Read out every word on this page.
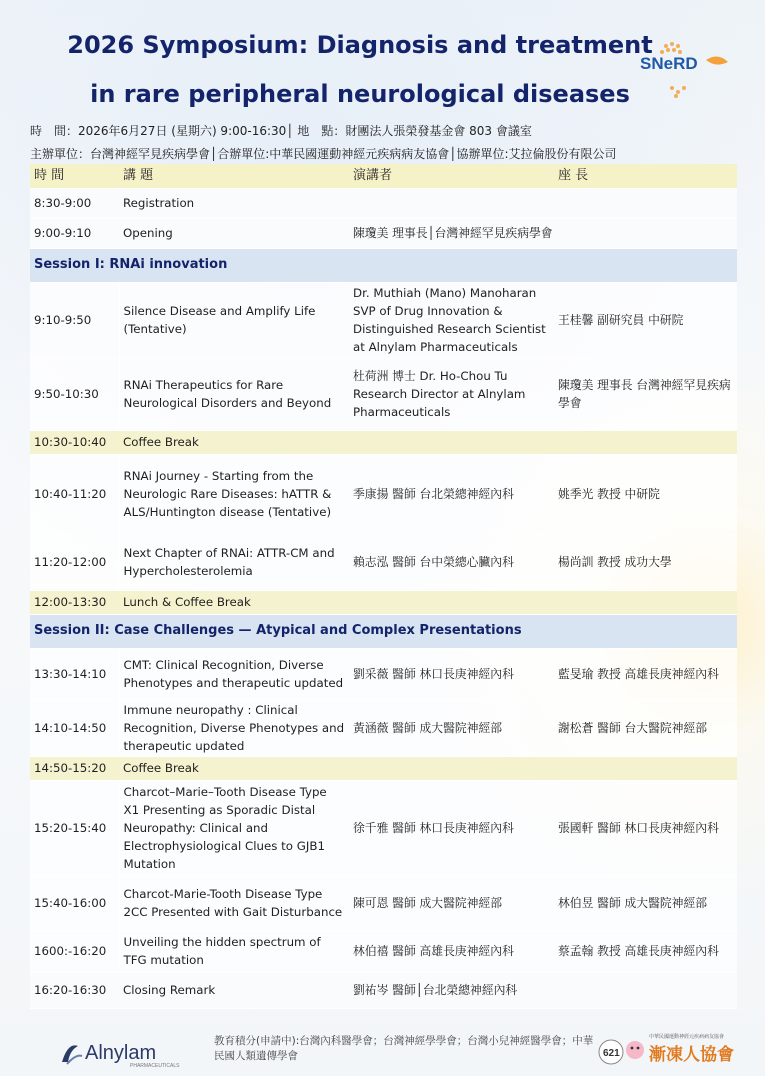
2026 Symposium: Diagnosis and treatment
in rare peripheral neurological diseases
SNeRD
時　間：2026年6月27日 (星期六) 9:00-16:30│ 地　點：財團法人張榮發基金會 803 會議室
主辦單位：台灣神經罕見疾病學會│合辦單位:中華民國運動神經元疾病病友協會│協辦單位:艾拉倫股份有限公司
時 間	講 題	演講者	座 長
8:30-9:00	Registration		
9:00-9:10	Opening	陳瓊美 理事長│台灣神經罕見疾病學會	
Session I: RNAi innovation			
9:10-9:50	Silence Disease and Amplify Life (Tentative)	Dr. Muthiah (Mano) Manoharan SVP of Drug Innovation & Distinguished Research Scientist at Alnylam Pharmaceuticals	王桂馨 副研究員 中研院
9:50-10:30	RNAi Therapeutics for Rare Neurological Disorders and Beyond	杜荷洲 博士 Dr. Ho-Chou Tu Research Director at Alnylam Pharmaceuticals	陳瓊美 理事長 台灣神經罕見疾病學會
10:30-10:40	Coffee Break		
10:40-11:20	RNAi Journey - Starting from the Neurologic Rare Diseases: hATTR & ALS/Huntington disease (Tentative)	季康揚 醫師 台北榮總神經內科	姚季光 教授 中研院
11:20-12:00	Next Chapter of RNAi: ATTR-CM and Hypercholesterolemia	賴志泓 醫師 台中榮總心臟內科	楊尚訓 教授 成功大學
12:00-13:30	Lunch & Coffee Break		
Session II: Case Challenges — Atypical and Complex Presentations			
13:30-14:10	CMT: Clinical Recognition, Diverse Phenotypes and therapeutic updated	劉采薇 醫師 林口長庚神經內科	藍旻瑜 教授 高雄長庚神經內科
14:10-14:50	Immune neuropathy : Clinical Recognition, Diverse Phenotypes and therapeutic updated	黃涵薇 醫師 成大醫院神經部	謝松蒼 醫師 台大醫院神經部
14:50-15:20	Coffee Break		
15:20-15:40	Charcot–Marie–Tooth Disease Type X1 Presenting as Sporadic Distal Neuropathy: Clinical and Electrophysiological Clues to GJB1 Mutation	徐千雅 醫師 林口長庚神經內科	張國軒 醫師 林口長庚神經內科
15:40-16:00	Charcot-Marie-Tooth Disease Type 2CC Presented with Gait Disturbance	陳可恩 醫師 成大醫院神經部	林伯昱 醫師 成大醫院神經部
1600:-16:20	Unveiling the hidden spectrum of TFG mutation	林伯禧 醫師 高雄長庚神經內科	蔡孟翰 教授 高雄長庚神經內科
16:20-16:30	Closing Remark	劉祐岑 醫師│台北榮總神經內科	
Alnylam
PHARMACEUTICALS
教育積分(申請中):台灣內科醫學會；台灣神經學學會；台灣小兒神經醫學會；中華民國人類遺傳學會	621
中華民國運動神經元疾病病友協會
漸凍人協會
